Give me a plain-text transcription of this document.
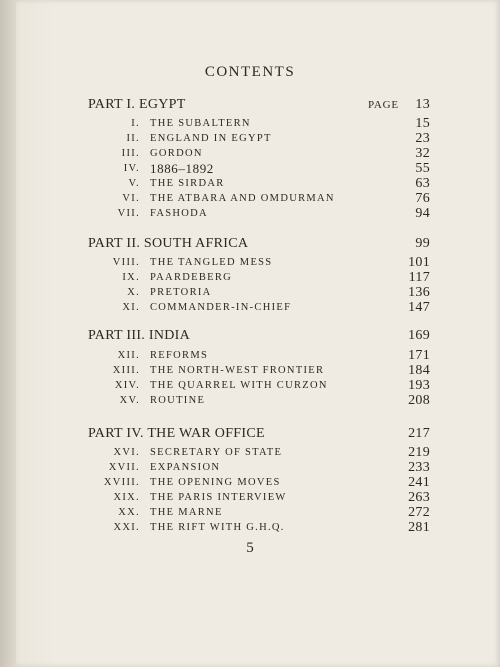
CONTENTS
PART I. EGYPT	PAGE 13
I. THE SUBALTERN	15
II. ENGLAND IN EGYPT	23
III. GORDON	32
IV. 1886–1892	55
V. THE SIRDAR	63
VI. THE ATBARA AND OMDURMAN	76
VII. FASHODA	94
PART II. SOUTH AFRICA	99
VIII. THE TANGLED MESS	101
IX. PAARDEBERG	117
X. PRETORIA	136
XI. COMMANDER-IN-CHIEF	147
PART III. INDIA	169
XII. REFORMS	171
XIII. THE NORTH-WEST FRONTIER	184
XIV. THE QUARREL WITH CURZON	193
XV. ROUTINE	208
PART IV. THE WAR OFFICE	217
XVI. SECRETARY OF STATE	219
XVII. EXPANSION	233
XVIII. THE OPENING MOVES	241
XIX. THE PARIS INTERVIEW	263
XX. THE MARNE	272
XXI. THE RIFT WITH G.H.Q.	281
5
